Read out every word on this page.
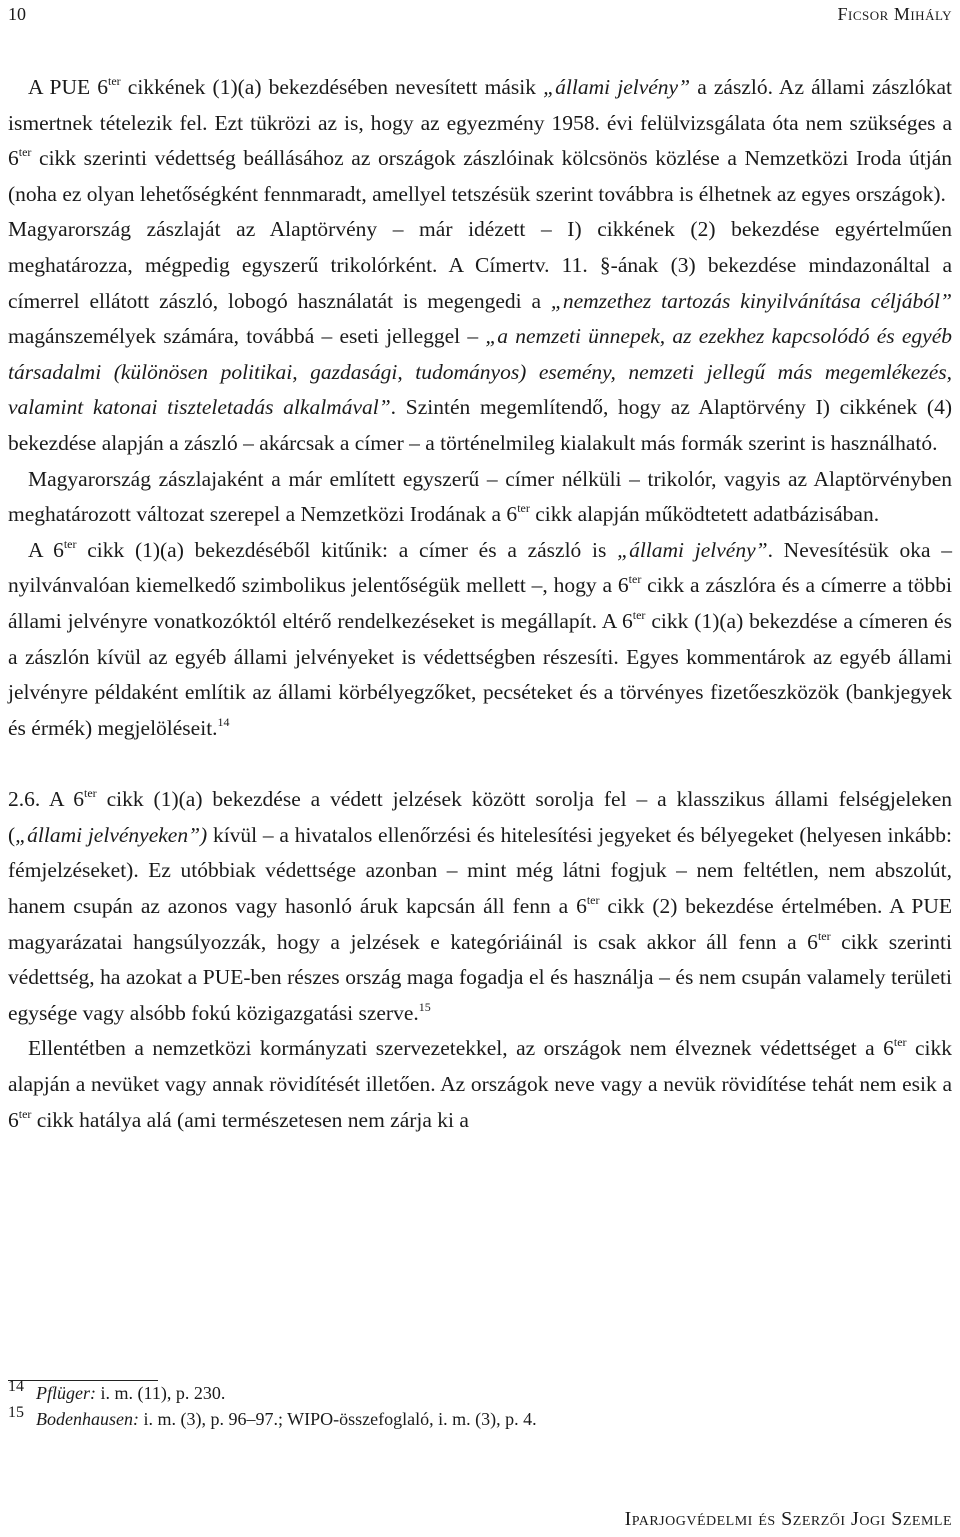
10	Ficsor Mihály

A PUE $6^{ter}$ cikkének (1)(a) bekezdésében nevesített másik „állami jelvény” a zászló. Az állami zászlókat ismertnek tételezik fel. Ezt tükrözi az is, hogy az egyezmény 1958. évi felülvizsgálata óta nem szükséges a $6^{ter}$ cikk szerinti védettség beállásához az országok zászlóinak kölcsönös közlése a Nemzetközi Iroda útján (noha ez olyan lehetőségként fennmaradt, amellyel tetszésük szerint továbbra is élhetnek az egyes országok).

Magyarország zászlaját az Alaptörvény – már idézett – I) cikkének (2) bekezdése egyértelműen meghatározza, mégpedig egyszerű trikolórként. A Címertv. 11. §-ának (3) bekezdése mindazonáltal a címerrel ellátott zászló, lobogó használatát is megengedi a „nemzethez tartozás kinyilvánítása céljából” magánszemélyek számára, továbbá – eseti jelleggel – „a nemzeti ünnepek, az ezekhez kapcsolódó és egyéb társadalmi (különösen politikai, gazdasági, tudományos) esemény, nemzeti jellegű más megemlékezés, valamint katonai tiszteletadás alkalmával”. Szintén megemlítendő, hogy az Alaptörvény I) cikkének (4) bekezdése alapján a zászló – akárcsak a címer – a történelmileg kialakult más formák szerint is használható.

Magyarország zászlajaként a már említett egyszerű – címer nélküli – trikolór, vagyis az Alaptörvényben meghatározott változat szerepel a Nemzetközi Irodának a $6^{ter}$ cikk alapján működtetett adatbázisában.

A $6^{ter}$ cikk (1)(a) bekezdéséből kitűnik: a címer és a zászló is „állami jelvény”. Nevesítésük oka – nyilvánvalóan kiemelkedő szimbolikus jelentőségük mellett –, hogy a $6^{ter}$ cikk a zászlóra és a címerre a többi állami jelvényre vonatkozóktól eltérő rendelkezéseket is megállapít. A $6^{ter}$ cikk (1)(a) bekezdése a címeren és a zászlón kívül az egyéb állami jelvényeket is védettségben részesíti. Egyes kommentárok az egyéb állami jelvényre példaként említik az állami körbélyegzőket, pecséteket és a törvényes fizetőeszközök (bankjegyek és érmék) megjelöléseit.$^{14}$

2.6. A $6^{ter}$ cikk (1)(a) bekezdése a védett jelzések között sorolja fel – a klasszikus állami felségjeleken („állami jelvényeken”) kívül – a hivatalos ellenőrzési és hitelesítési jegyeket és bélyegeket (helyesen inkább: fémjelzéseket). Ez utóbbiak védettsége azonban – mint még látni fogjuk – nem feltétlen, nem abszolút, hanem csupán az azonos vagy hasonló áruk kapcsán áll fenn a $6^{ter}$ cikk (2) bekezdése értelmében. A PUE magyarázatai hangsúlyozzák, hogy a jelzések e kategóriáinál is csak akkor áll fenn a $6^{ter}$ cikk szerinti védettség, ha azokat a PUE-ben részes ország maga fogadja el és használja – és nem csupán valamely területi egysége vagy alsóbb fokú közigazgatási szerve.$^{15}$

Ellentétben a nemzetközi kormányzati szervezetekkel, az országok nem élveznek védettséget a $6^{ter}$ cikk alapján a nevüket vagy annak rövidítését illetően. Az országok neve vagy a nevük rövidítése tehát nem esik a $6^{ter}$ cikk hatálya alá (ami természetesen nem zárja ki a

14 Pflüger: i. m. (11), p. 230.
15 Bodenhausen: i. m. (3), p. 96–97.; WIPO-összefoglaló, i. m. (3), p. 4.
Iparjogvédelmi és Szerzői Jogi Szemle
